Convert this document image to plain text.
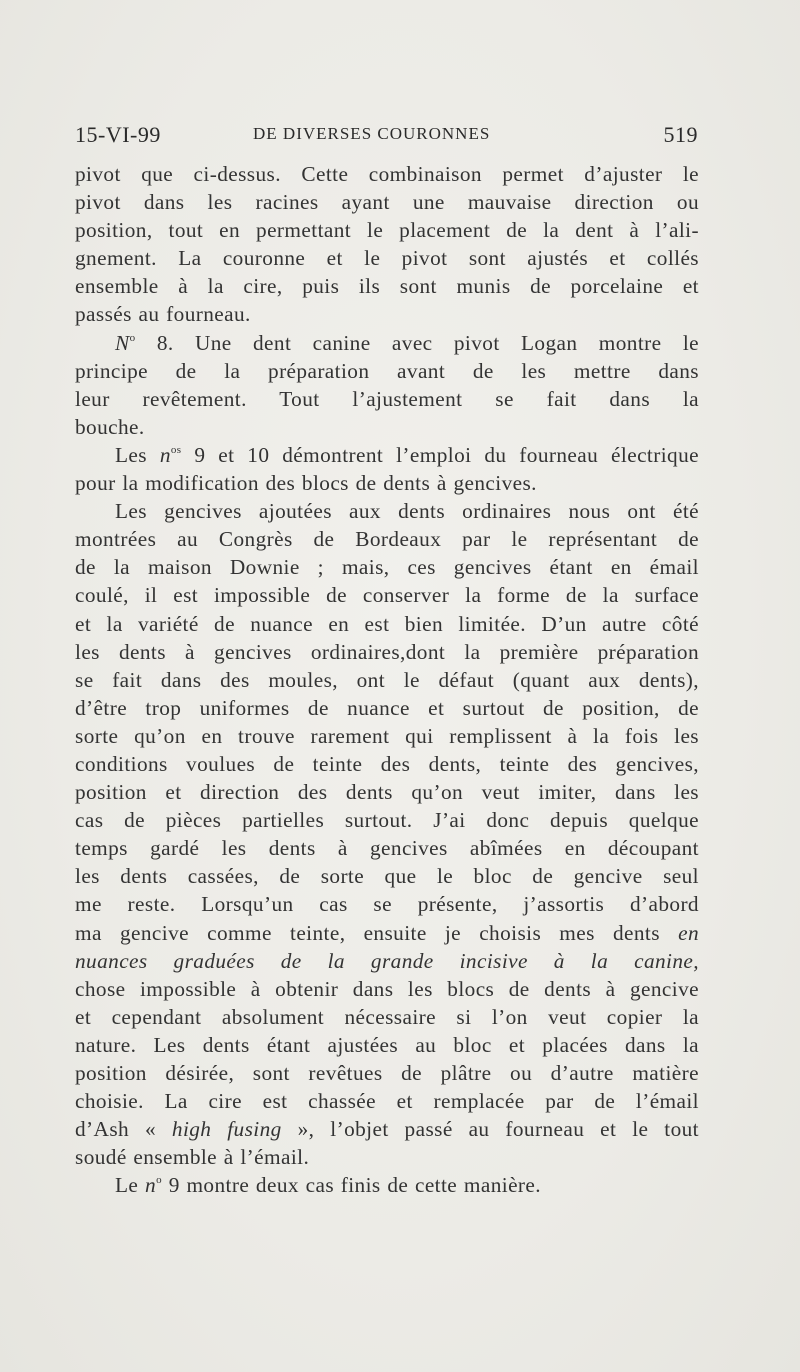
15-VI-99	DE DIVERSES COURONNES	519
pivot que ci-dessus. Cette combinaison permet d’ajuster le
pivot dans les racines ayant une mauvaise direction ou
position, tout en permettant le placement de la dent à l’ali-
gnement. La couronne et le pivot sont ajustés et collés
ensemble à la cire, puis ils sont munis de porcelaine et
passés au fourneau.
$N^o$ 8. Une dent canine avec pivot Logan montre le
principe de la préparation avant de les mettre dans
leur revêtement. Tout l’ajustement se fait dans la
bouche.
Les $n^{os}$ 9 et 10 démontrent l’emploi du fourneau électrique
pour la modification des blocs de dents à gencives.
Les gencives ajoutées aux dents ordinaires nous ont été
montrées au Congrès de Bordeaux par le représentant de
de la maison Downie ; mais, ces gencives étant en émail
coulé, il est impossible de conserver la forme de la surface
et la variété de nuance en est bien limitée. D’un autre côté
les dents à gencives ordinaires,dont la première préparation
se fait dans des moules, ont le défaut (quant aux dents),
d’être trop uniformes de nuance et surtout de position, de
sorte qu’on en trouve rarement qui remplissent à la fois les
conditions voulues de teinte des dents, teinte des gencives,
position et direction des dents qu’on veut imiter, dans les
cas de pièces partielles surtout. J’ai donc depuis quelque
temps gardé les dents à gencives abîmées en découpant
les dents cassées, de sorte que le bloc de gencive seul
me reste. Lorsqu’un cas se présente, j’assortis d’abord
ma gencive comme teinte, ensuite je choisis mes dents en
nuances graduées de la grande incisive à la canine,
chose impossible à obtenir dans les blocs de dents à gencive
et cependant absolument nécessaire si l’on veut copier la
nature. Les dents étant ajustées au bloc et placées dans la
position désirée, sont revêtues de plâtre ou d’autre matière
choisie. La cire est chassée et remplacée par de l’émail
d’Ash « high fusing », l’objet passé au fourneau et le tout
soudé ensemble à l’émail.
Le $n^o$ 9 montre deux cas finis de cette manière.
